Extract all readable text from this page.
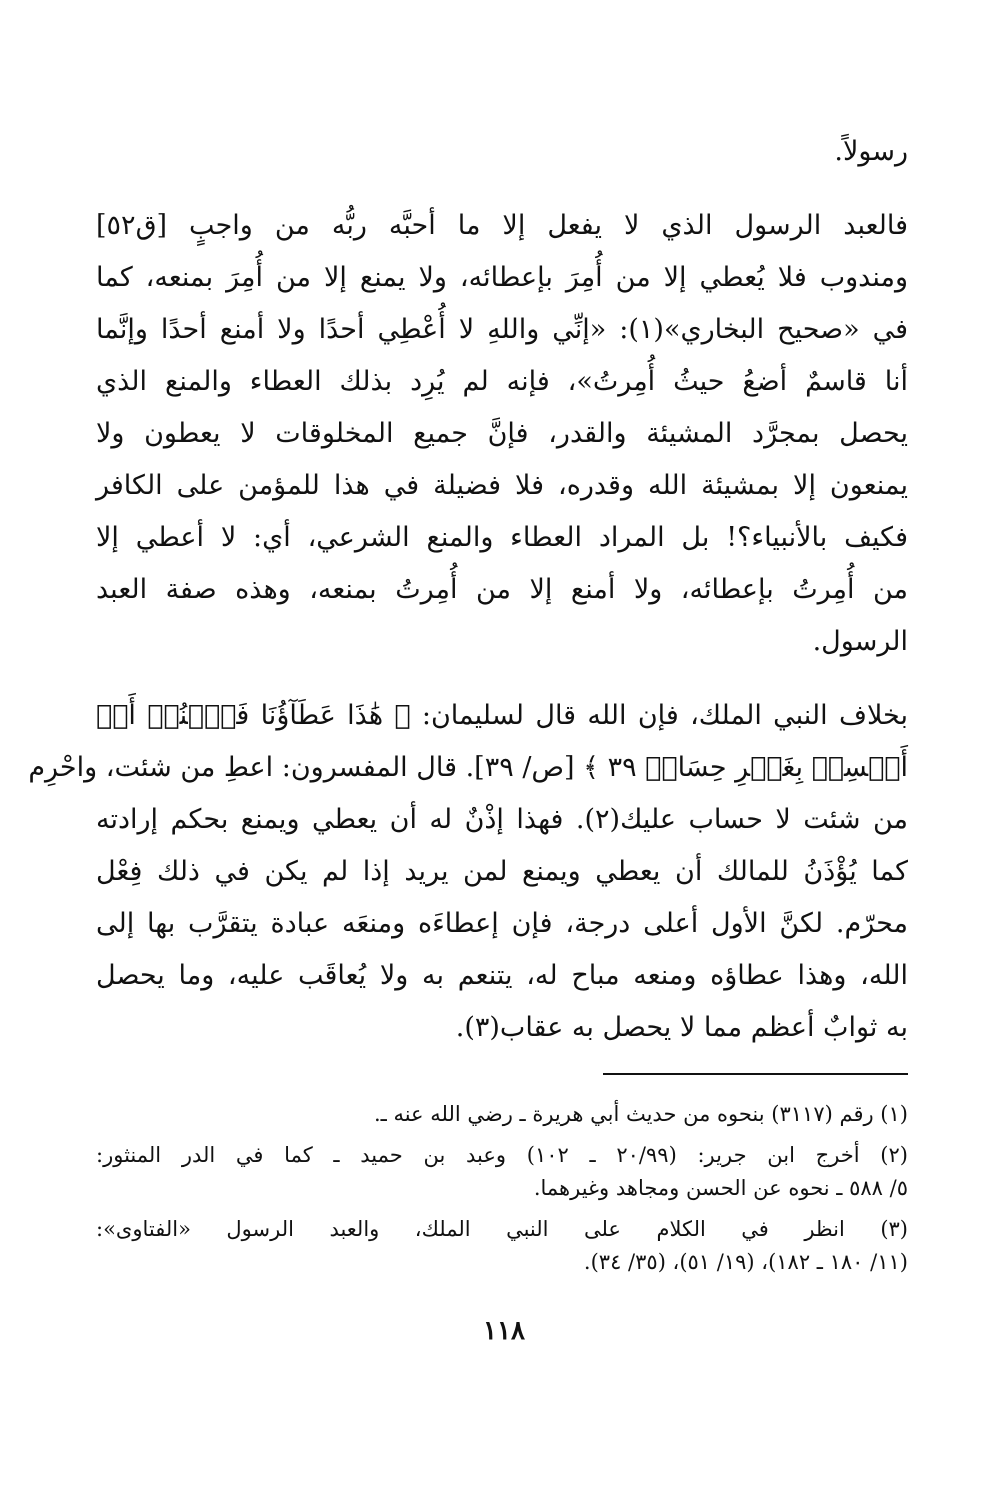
رسولاً.
فالعبد الرسول الذي لا يفعل إلا ما أحبَّه ربُّه من واجبٍ [ق٥٢]
ومندوب فلا يُعطي إلا من أُمِرَ بإعطائه، ولا يمنع إلا من أُمِرَ بمنعه، كما
في «صحيح البخاري»(١): «إنِّي واللهِ لا أُعْطِي أحدًا ولا أمنع أحدًا وإنَّما
أنا قاسمٌ أضعُ حيثُ أُمِرتُ»، فإنه لم يُرِد بذلك العطاء والمنع الذي
يحصل بمجرَّد المشيئة والقدر، فإنَّ جميع المخلوقات لا يعطون ولا
يمنعون إلا بمشيئة الله وقدره، فلا فضيلة في هذا للمؤمن على الكافر
فكيف بالأنبياء؟! بل المراد العطاء والمنع الشرعي، أي: لا أعطي إلا
من أُمِرتُ بإعطائه، ولا أمنع إلا من أُمِرتُ بمنعه، وهذه صفة العبد
الرسول.
بخلاف النبي الملك، فإن الله قال لسليمان: ﴿ هَٰذَا عَطَآؤُنَا فَٱمۡنُنۡ أَوۡ
أَمۡسِكۡ بِغَيۡرِ حِسَابٖ ٣٩ ﴾ [ص/ ٣٩]. قال المفسرون: اعطِ من شئت، واحْرِم
من شئت لا حساب عليك(٢). فهذا إذْنٌ له أن يعطي ويمنع بحكم إرادته
كما يُؤْذَنُ للمالك أن يعطي ويمنع لمن يريد إذا لم يكن في ذلك فِعْل
محرّم. لكنَّ الأول أعلى درجة، فإن إعطاءَه ومنعَه عبادة يتقرَّب بها إلى
الله، وهذا عطاؤه ومنعه مباح له، يتنعم به ولا يُعاقَب عليه، وما يحصل
به ثوابٌ أعظم مما لا يحصل به عقاب(٣).
(١) رقم (٣١١٧) بنحوه من حديث أبي هريرة ـ رضي الله عنه ـ.
(٢) أخرج ابن جرير: (٢٠/٩٩ ـ ١٠٢) وعبد بن حميد ـ كما في الدر المنثور:
٥/ ٥٨٨ ـ نحوه عن الحسن ومجاهد وغيرهما.
(٣) انظر في الكلام على النبي الملك، والعبد الرسول «الفتاوى»:
(١١/ ١٨٠ ـ ١٨٢)، (١٩/ ٥١)، (٣٥/ ٣٤).
١١٨
